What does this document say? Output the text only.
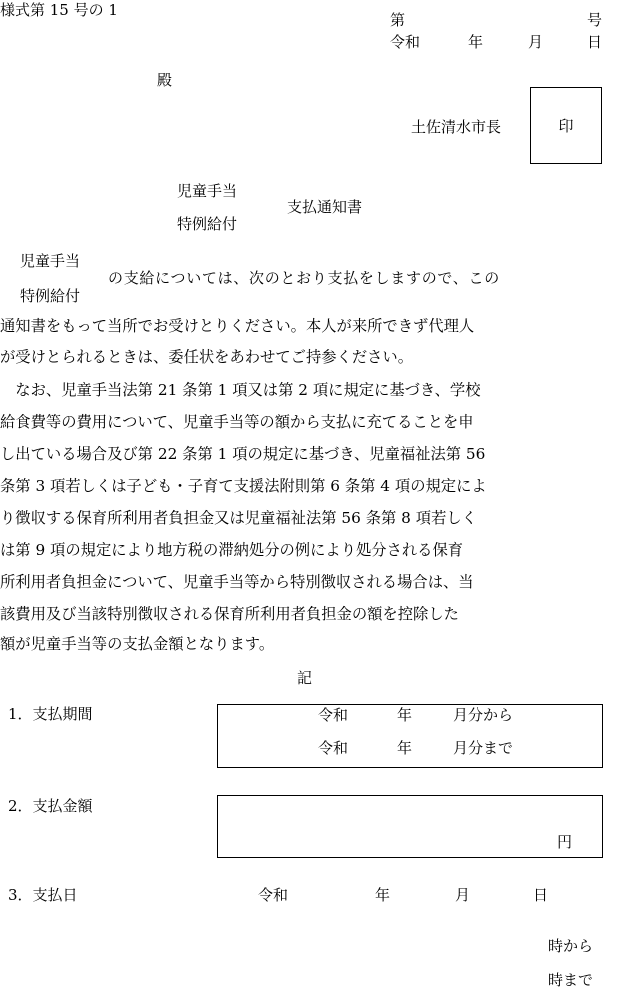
様式第 15 号の 1
第	号
令和	年	月	日
殿
土佐清水市長	印
児童手当
支払通知書
特例給付
児童手当
の支給については、次のとおり支払をしますので、この
特例給付
通知書をもって当所でお受けとりください。本人が来所できず代理人
が受けとられるときは、委任状をあわせてご持参ください。
　なお、児童手当法第 21 条第 1 項又は第 2 項に規定に基づき、学校
給食費等の費用について、児童手当等の額から支払に充てることを申
し出ている場合及び第 22 条第 1 項の規定に基づき、児童福祉法第 56
条第 3 項若しくは子ども・子育て支援法附則第 6 条第 4 項の規定によ
り徴収する保育所利用者負担金又は児童福祉法第 56 条第 8 項若しく
は第 9 項の規定により地方税の滞納処分の例により処分される保育
所利用者負担金について、児童手当等から特別徴収される場合は、当
該費用及び当該特別徴収される保育所利用者負担金の額を控除した
額が児童手当等の支払金額となります。
記
1．支払期間	令和	年	月分から
令和	年	月分まで
2．支払金額
円
3．支払日	令和	年	月	日
時から
時まで
